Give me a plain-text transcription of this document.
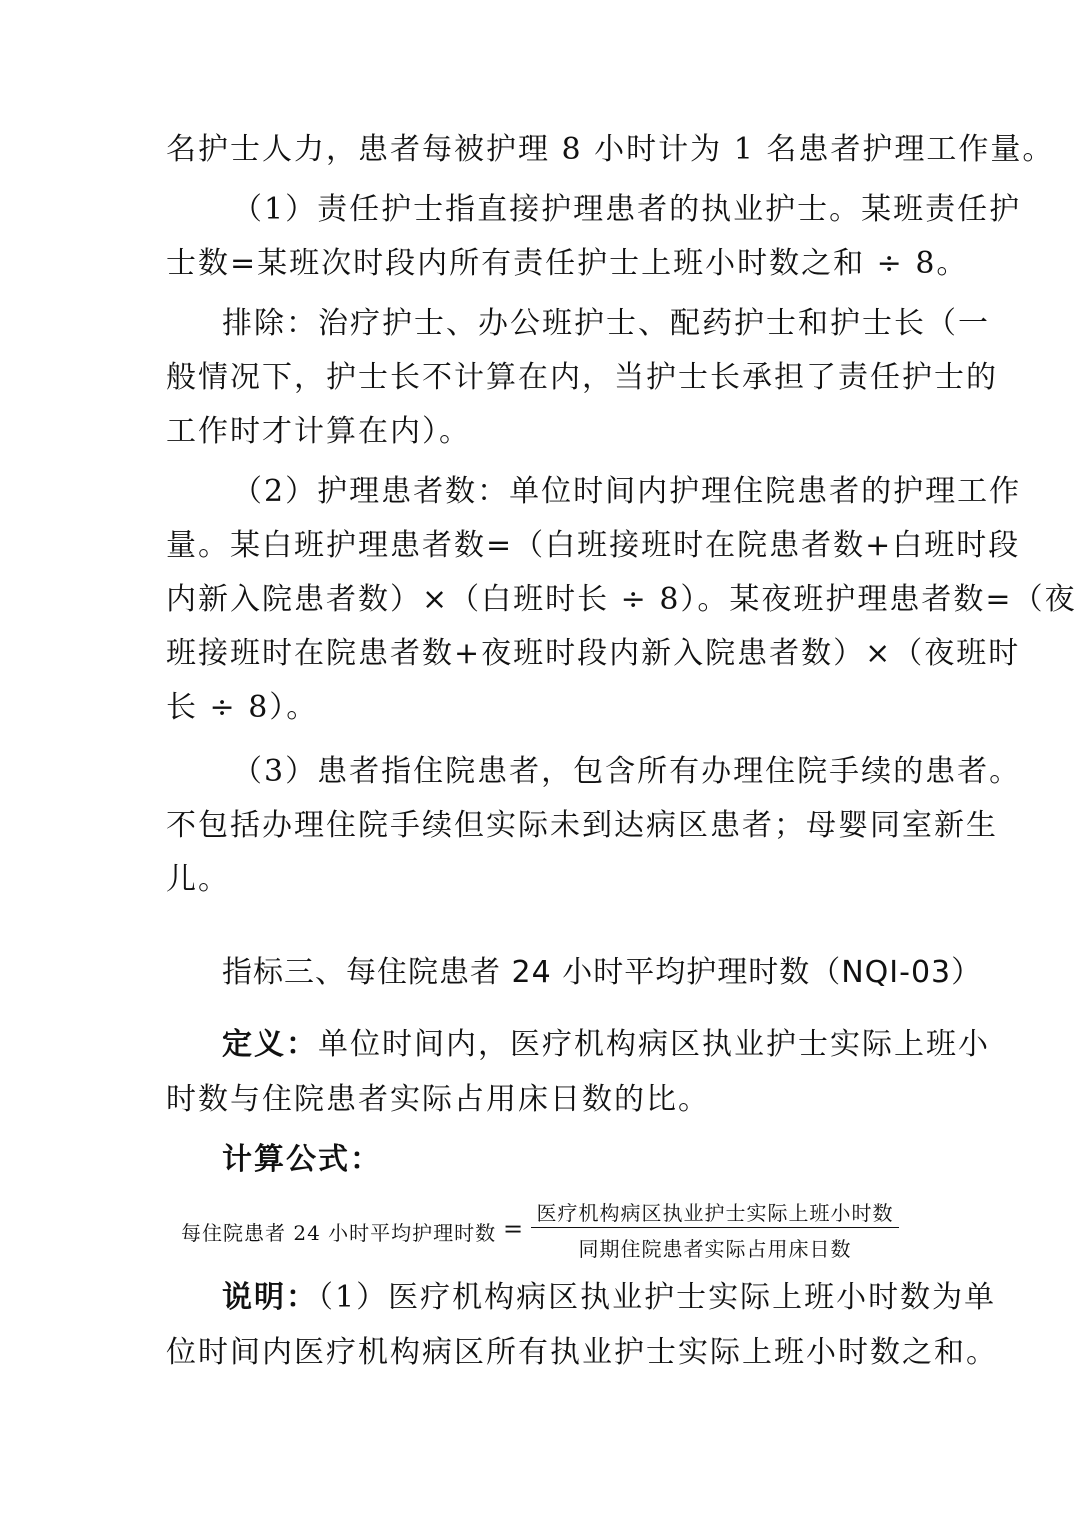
名护士人力，患者每被护理 8 小时计为 1 名患者护理工作量。
（1）责任护士指直接护理患者的执业护士。某班责任护
士数=某班次时段内所有责任护士上班小时数之和 ÷ 8。
排除：治疗护士、办公班护士、配药护士和护士长（一
般情况下，护士长不计算在内，当护士长承担了责任护士的
工作时才计算在内）。
（2）护理患者数：单位时间内护理住院患者的护理工作
量。某白班护理患者数=（白班接班时在院患者数+白班时段
内新入院患者数）×（白班时长 ÷ 8）。某夜班护理患者数=（夜
班接班时在院患者数+夜班时段内新入院患者数）×（夜班时
长 ÷ 8）。
（3）患者指住院患者，包含所有办理住院手续的患者。
不包括办理住院手续但实际未到达病区患者；母婴同室新生
儿。
指标三、每住院患者 24 小时平均护理时数（NQI-03）
定义：单位时间内，医疗机构病区执业护士实际上班小
时数与住院患者实际占用床日数的比。
计算公式：
每住院患者 24 小时平均护理时数 =
医疗机构病区执业护士实际上班小时数
同期住院患者实际占用床日数
说明：（1）医疗机构病区执业护士实际上班小时数为单
位时间内医疗机构病区所有执业护士实际上班小时数之和。
